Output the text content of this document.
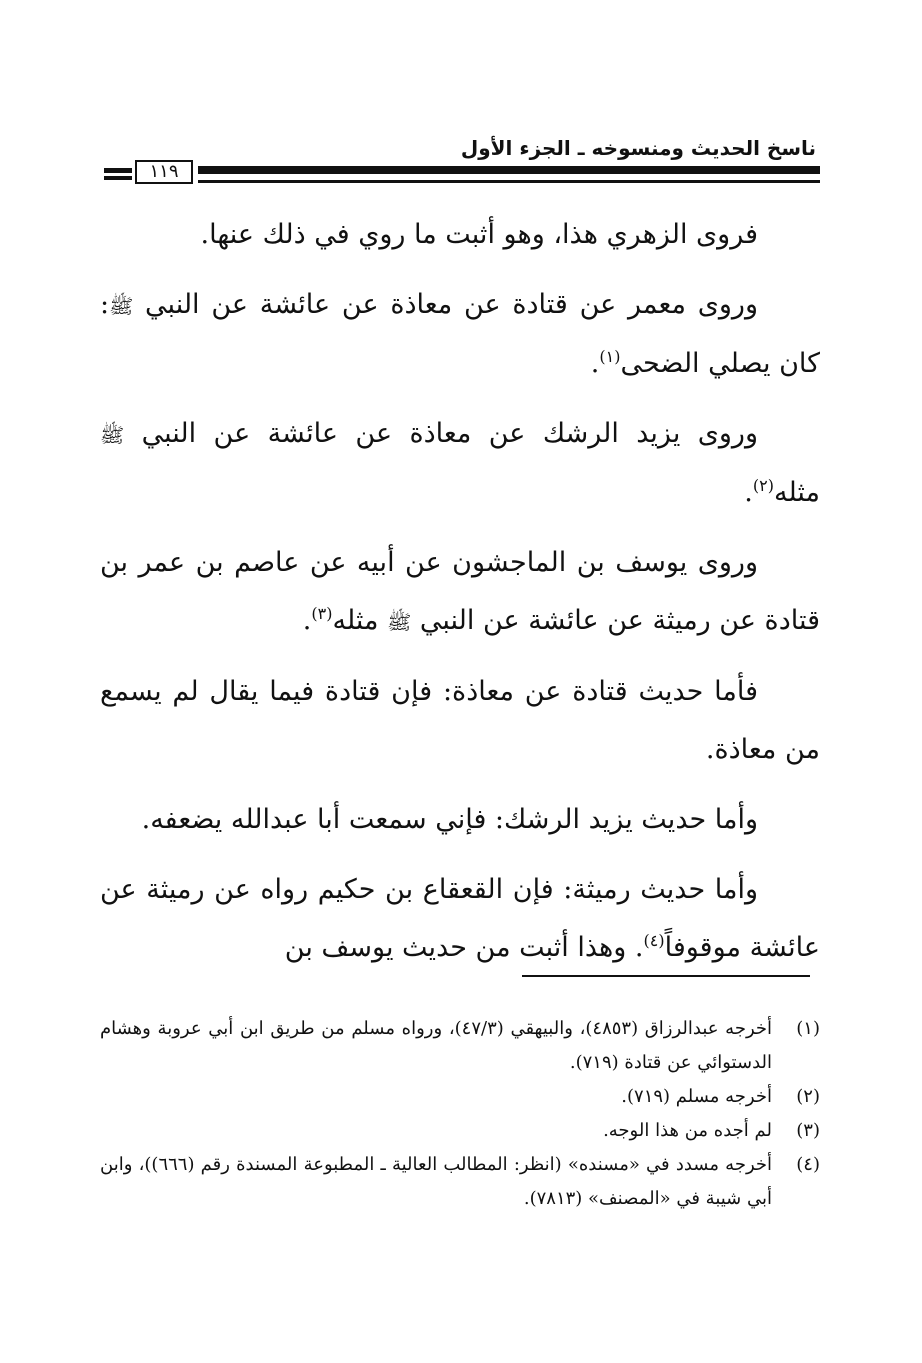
ناسخ الحديث ومنسوخه ـ الجزء الأول
١١٩

فروى الزهري هذا، وهو أثبت ما روي في ذلك عنها.

وروى معمر عن قتادة عن معاذة عن عائشة عن النبي ﷺ: كان يصلي الضحى$^{(١)}$.

وروى يزيد الرشك عن معاذة عن عائشة عن النبي ﷺ مثله$^{(٢)}$.

وروى يوسف بن الماجشون عن أبيه عن عاصم بن عمر بن قتادة عن رميثة عن عائشة عن النبي ﷺ مثله$^{(٣)}$.

فأما حديث قتادة عن معاذة: فإن قتادة فيما يقال لم يسمع من معاذة.

وأما حديث يزيد الرشك: فإني سمعت أبا عبدالله يضعفه.

وأما حديث رميثة: فإن القعقاع بن حكيم رواه عن رميثة عن عائشة موقوفاً$^{(٤)}$. وهذا أثبت من حديث يوسف بن

(١)
أخرجه عبدالرزاق (٤٨٥٣)، والبيهقي (٤٧/٣)، ورواه مسلم من طريق ابن أبي عروبة وهشام الدستوائي عن قتادة (٧١٩).
(٢)
أخرجه مسلم (٧١٩).
(٣)
لم أجده من هذا الوجه.
(٤)
أخرجه مسدد في «مسنده» (انظر: المطالب العالية ـ المطبوعة المسندة رقم (٦٦٦))، وابن أبي شيبة في «المصنف» (٧٨١٣).
